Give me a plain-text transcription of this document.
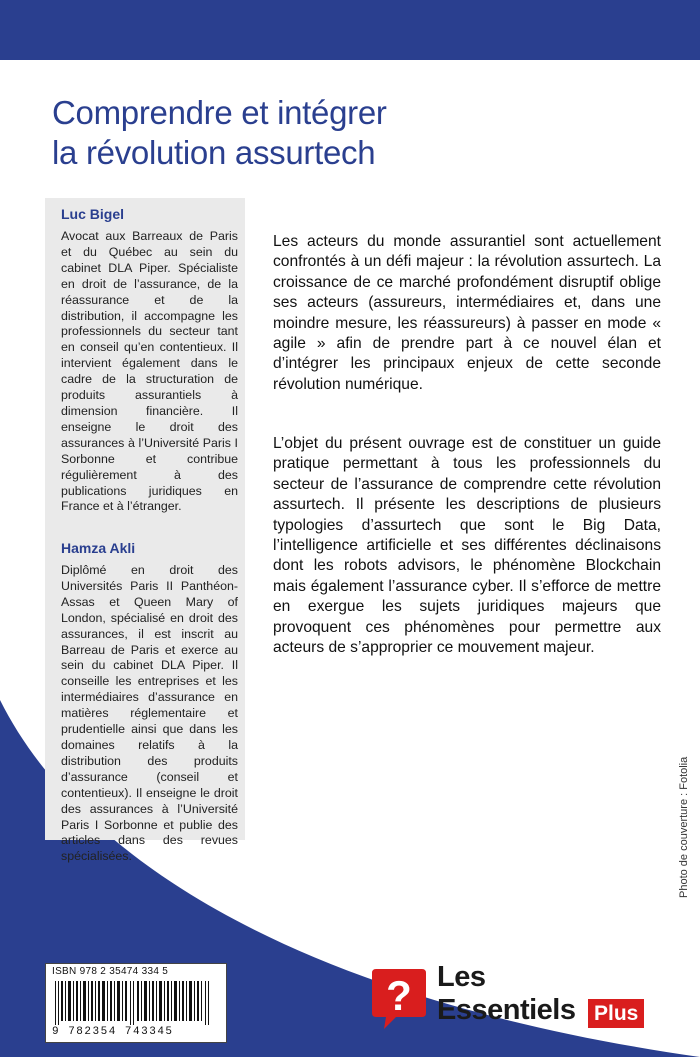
Comprendre et intégrer
la révolution assurtech
Luc Bigel

Avocat aux Barreaux de Paris et du Québec au sein du cabinet DLA Piper. Spécialiste en droit de l’assurance, de la réassurance et de la distribution, il accompagne les professionnels du secteur tant en conseil qu’en contentieux. Il intervient également dans le cadre de la structuration de produits assurantiels à dimension financière. Il enseigne le droit des assurances à l’Université Paris I Sorbonne et contribue régulièrement à des publications juridiques en France et à l’étranger.

Hamza Akli

Diplômé en droit des Universités Paris II Panthéon-Assas et Queen Mary of London, spécialisé en droit des assurances, il est inscrit au Barreau de Paris et exerce au sein du cabinet DLA Piper. Il conseille les entreprises et les intermédiaires d’assurance en matières réglementaire et prudentielle ainsi que dans les domaines relatifs à la distribution des produits d’assurance (conseil et contentieux). Il enseigne le droit des assurances à l’Université Paris I Sorbonne et publie des articles dans des revues spécialisées.

Les acteurs du monde assurantiel sont actuellement confrontés à un défi majeur : la révolution assurtech. La croissance de ce marché profondément disruptif oblige ses acteurs (assureurs, intermédiaires et, dans une moindre mesure, les réassureurs) à passer en mode « agile » afin de prendre part à ce nouvel élan et d’intégrer les principaux enjeux de cette seconde révolution numérique.

L’objet du présent ouvrage est de constituer un guide pratique permettant à tous les professionnels du secteur de l’assurance de comprendre cette révolution assurtech. Il présente les descriptions de plusieurs typologies d’assurtech que sont le Big Data, l’intelligence artificielle et ses différentes déclinaisons dont les robots advisors, le phénomène Blockchain mais également l’assurance cyber. Il s’efforce de mettre en exergue les sujets juridiques majeurs que provoquent ces phénomènes pour permettre aux acteurs de s’approprier ce mouvement majeur.

Photo de couverture : Fotolia
ISBN 978 2 35474 334 5
9 782354 743345
? Les
Essentiels Plus
